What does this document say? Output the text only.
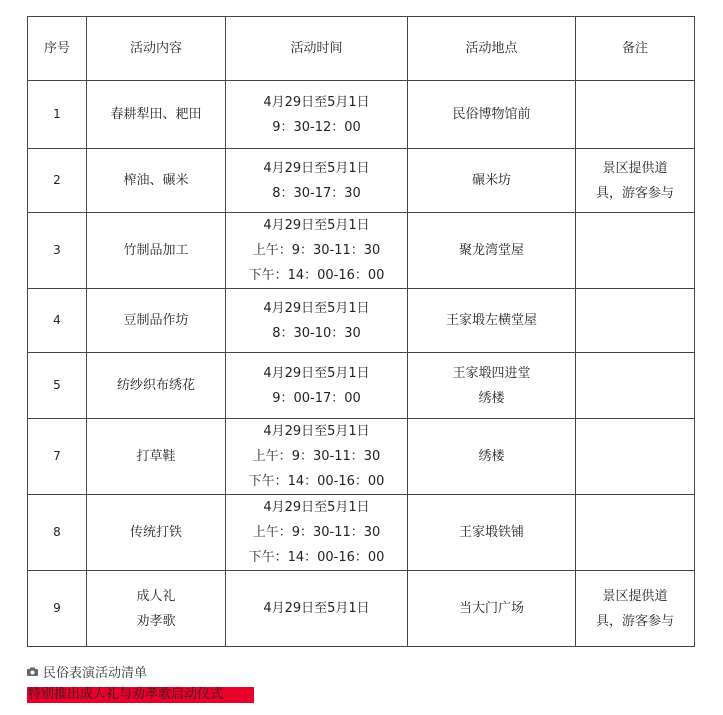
序号	活动内容	活动时间	活动地点	备注
1	春耕犁田、耙田	4月29日至5月1日
9：30-12：00	民俗博物馆前	

2	榨油、碾米	4月29日至5月1日
8：30-17：30	碾米坊	景区提供道
具，游客参与

3	竹制品加工	4月29日至5月1日
上午：9：30-11：30
下午：14：00-16：00	聚龙湾堂屋	

4	豆制品作坊	4月29日至5月1日
8：30-10：30	王家塅左横堂屋	

5	纺纱织布绣花	4月29日至5月1日
9：00-17：00	王家塅四进堂
绣楼	

7	打草鞋	4月29日至5月1日
上午：9：30-11：30
下午：14：00-16：00	绣楼	

8	传统打铁	4月29日至5月1日
上午：9：30-11：30
下午：14：00-16：00	王家塅铁铺	

9	成人礼
劝孝歌	4月29日至5月1日	当大门广场	景区提供道
具，游客参与
民俗表演活动清单
特别推出成人礼与劝孝歌启动仪式
